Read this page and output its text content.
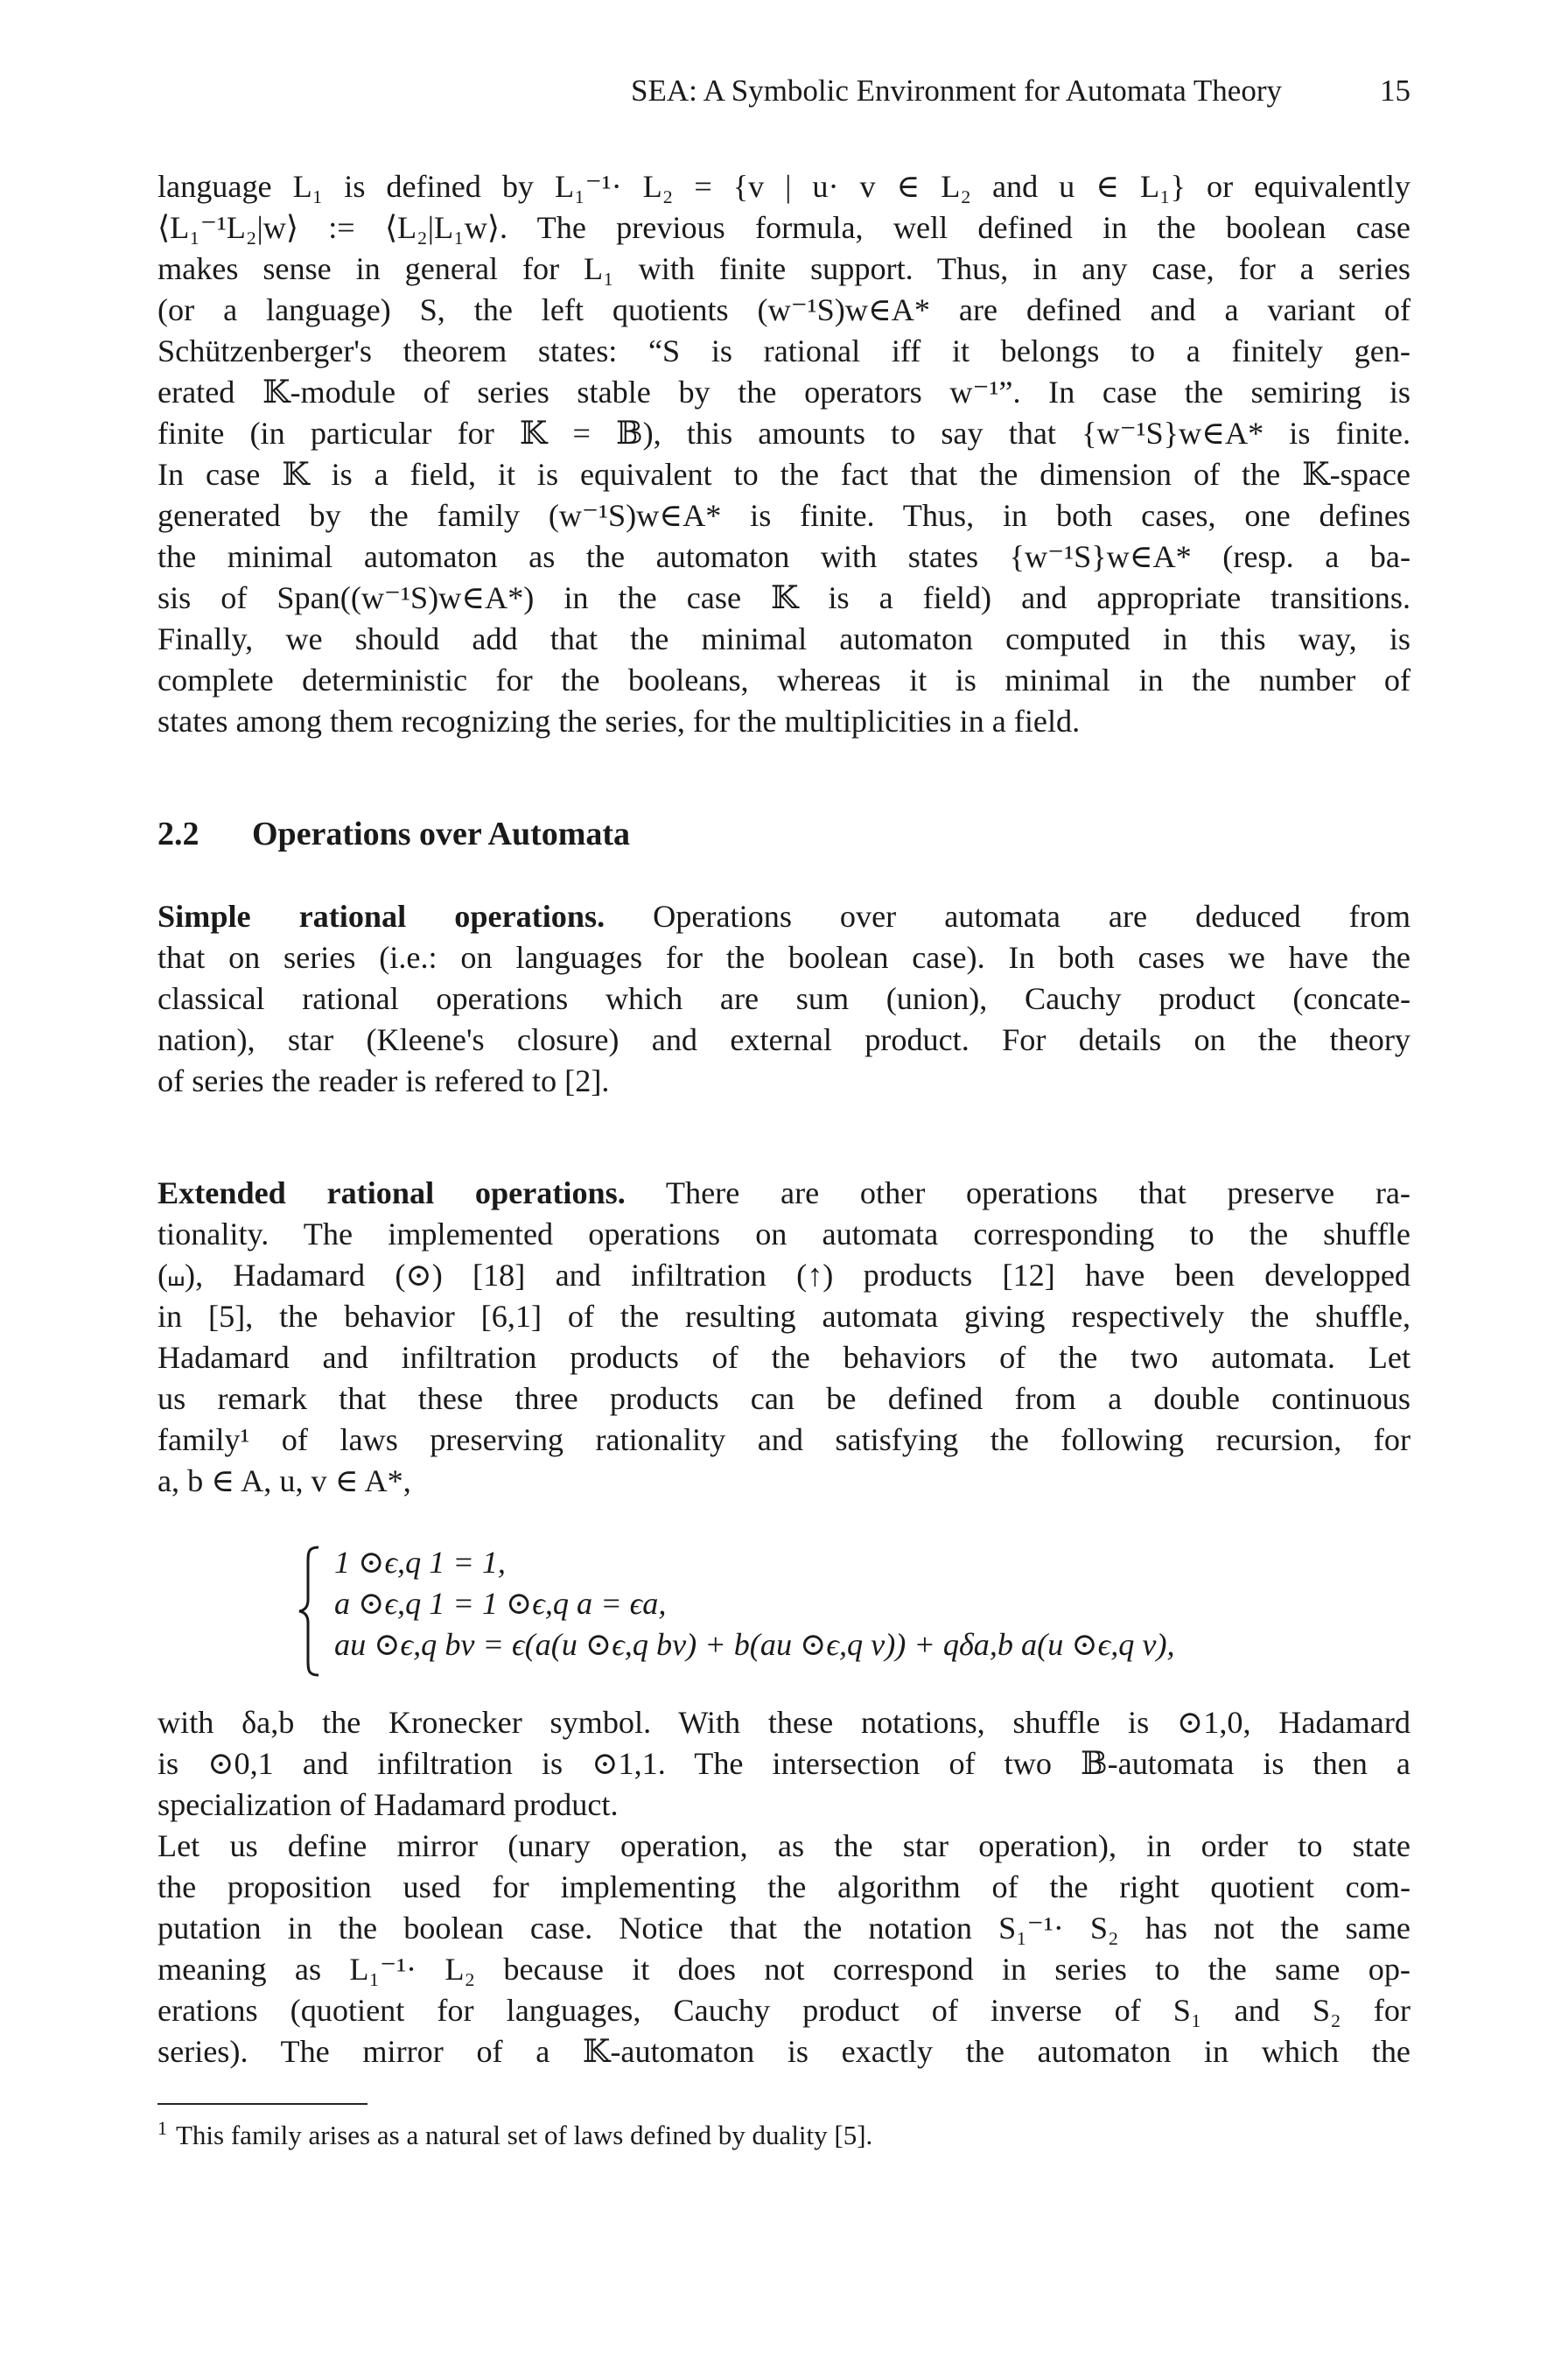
SEA: A Symbolic Environment for Automata Theory	15
language L₁ is defined by L₁⁻¹· L₂ = {v | u· v ∈ L₂ and u ∈ L₁} or equivalently
⟨L₁⁻¹L₂|w⟩ := ⟨L₂|L₁w⟩. The previous formula, well defined in the boolean case
makes sense in general for L₁ with finite support. Thus, in any case, for a series
(or a language) S, the left quotients (w⁻¹S)w∈A* are defined and a variant of
Schützenberger's theorem states: “S is rational iff it belongs to a finitely gen-
erated 𝕂-module of series stable by the operators w⁻¹”. In case the semiring is
finite (in particular for 𝕂 = 𝔹), this amounts to say that {w⁻¹S}w∈A* is finite.
In case 𝕂 is a field, it is equivalent to the fact that the dimension of the 𝕂-space
generated by the family (w⁻¹S)w∈A* is finite. Thus, in both cases, one defines
the minimal automaton as the automaton with states {w⁻¹S}w∈A* (resp. a ba-
sis of Span((w⁻¹S)w∈A*) in the case 𝕂 is a field) and appropriate transitions.
Finally, we should add that the minimal automaton computed in this way, is
complete deterministic for the booleans, whereas it is minimal in the number of
states among them recognizing the series, for the multiplicities in a field.
2.2 Operations over Automata
Simple rational operations. Operations over automata are deduced from
that on series (i.e.: on languages for the boolean case). In both cases we have the
classical rational operations which are sum (union), Cauchy product (concate-
nation), star (Kleene's closure) and external product. For details on the theory
of series the reader is refered to [2].
Extended rational operations. There are other operations that preserve ra-
tionality. The implemented operations on automata corresponding to the shuffle
(⧢), Hadamard (⊙) [18] and infiltration (↑) products [12] have been developped
in [5], the behavior [6,1] of the resulting automata giving respectively the shuffle,
Hadamard and infiltration products of the behaviors of the two automata. Let
us remark that these three products can be defined from a double continuous
family¹ of laws preserving rationality and satisfying the following recursion, for
a, b ∈ A, u, v ∈ A*,
1 ⊙ϵ,q 1 = 1,
a ⊙ϵ,q 1 = 1 ⊙ϵ,q a = ϵa,
au ⊙ϵ,q bv = ϵ(a(u ⊙ϵ,q bv) + b(au ⊙ϵ,q v)) + qδa,b a(u ⊙ϵ,q v),
with δa,b the Kronecker symbol. With these notations, shuffle is ⊙1,0, Hadamard
is ⊙0,1 and infiltration is ⊙1,1. The intersection of two 𝔹-automata is then a
specialization of Hadamard product.
Let us define mirror (unary operation, as the star operation), in order to state
the proposition used for implementing the algorithm of the right quotient com-
putation in the boolean case. Notice that the notation S₁⁻¹· S₂ has not the same
meaning as L₁⁻¹· L₂ because it does not correspond in series to the same op-
erations (quotient for languages, Cauchy product of inverse of S₁ and S₂ for
series). The mirror of a 𝕂-automaton is exactly the automaton in which the
$^1$ This family arises as a natural set of laws defined by duality [5].
